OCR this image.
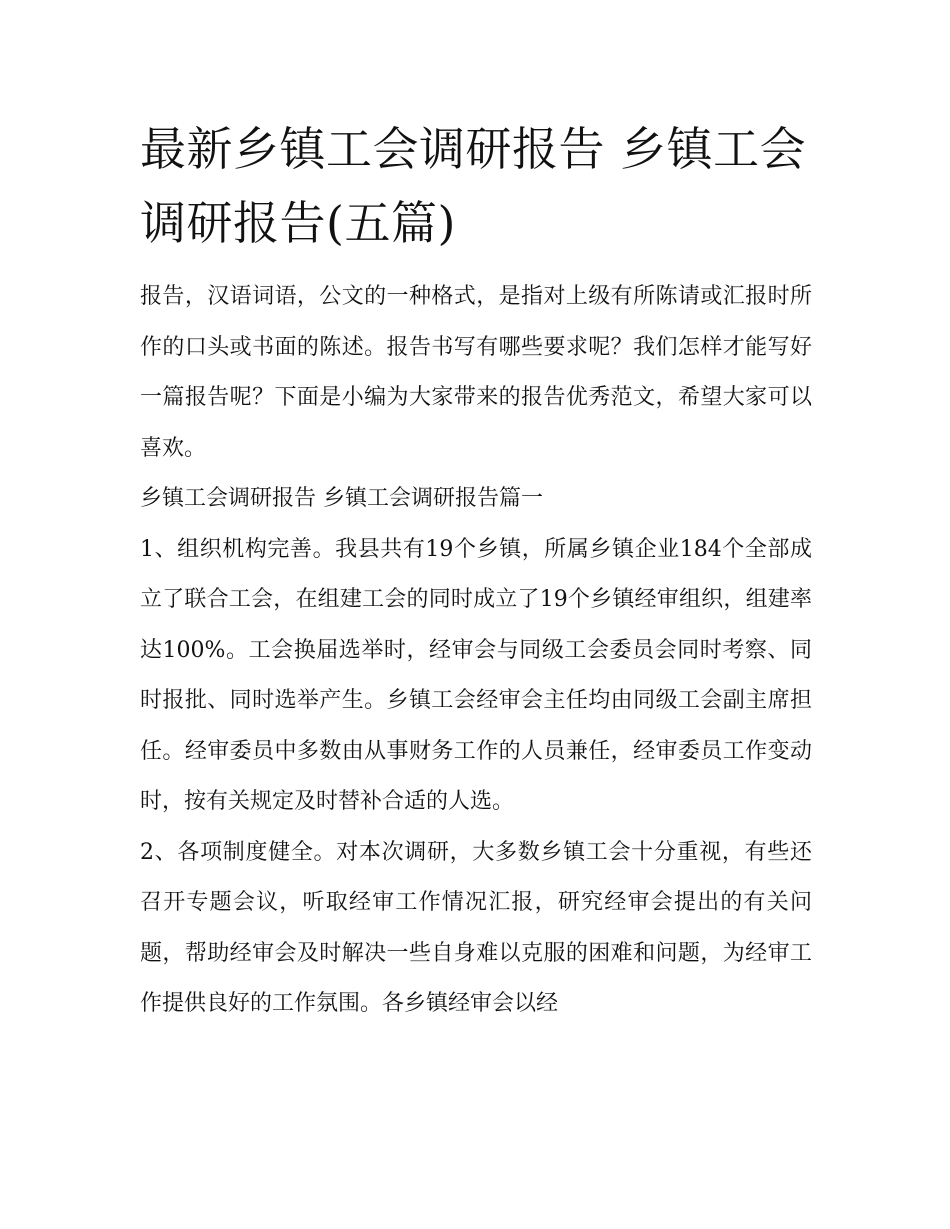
最新乡镇工会调研报告 乡镇工会调研报告(五篇)

报告，汉语词语，公文的一种格式，是指对上级有所陈请或汇报时所作的口头或书面的陈述。报告书写有哪些要求呢？我们怎样才能写好一篇报告呢？下面是小编为大家带来的报告优秀范文，希望大家可以喜欢。

乡镇工会调研报告 乡镇工会调研报告篇一

1、组织机构完善。我县共有19个乡镇，所属乡镇企业184个全部成立了联合工会，在组建工会的同时成立了19个乡镇经审组织，组建率达100%。工会换届选举时，经审会与同级工会委员会同时考察、同时报批、同时选举产生。乡镇工会经审会主任均由同级工会副主席担任。经审委员中多数由从事财务工作的人员兼任，经审委员工作变动时，按有关规定及时替补合适的人选。

2、各项制度健全。对本次调研，大多数乡镇工会十分重视，有些还召开专题会议，听取经审工作情况汇报，研究经审会提出的有关问题，帮助经审会及时解决一些自身难以克服的困难和问题，为经审工作提供良好的工作氛围。各乡镇经审会以经
